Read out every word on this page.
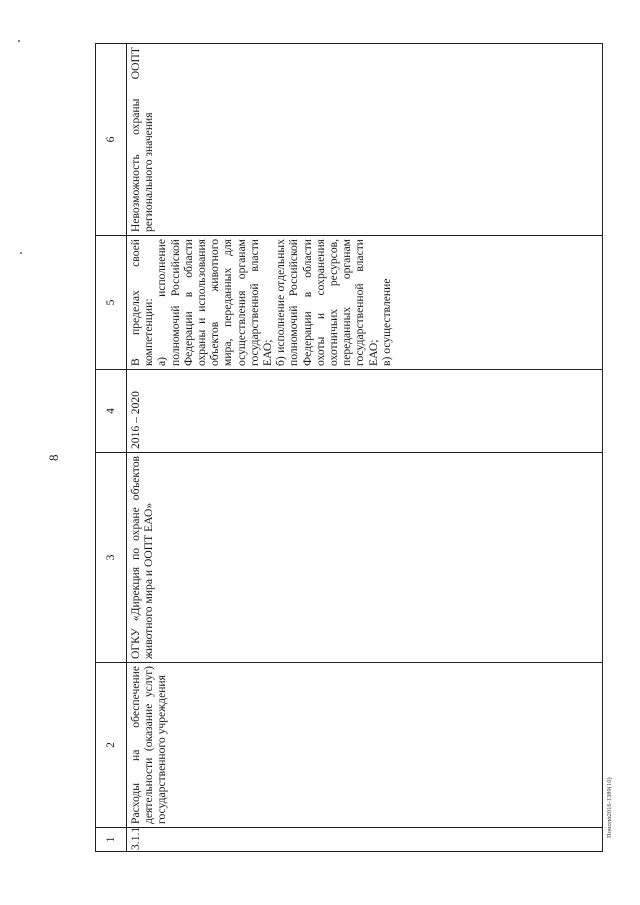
8
Ποιισπά2016-1389(10)
1	2	3	4	5	6
3.1.1	Расходы на обеспечение деятельности (оказание услуг) государственного учреждения	ОГКУ «Дирекция по охране объектов животного мира и ООПТ ЕАО»	2016 – 2020	В пределах своей компетенции: а) исполнение полномочий Российской Федерации в области охраны и использования объектов животного мира, переданных для осуществления органам государственной власти ЕАО; б) исполнение отдельных полномочий Российской Федерации в области охоты и сохранения охотничьих ресурсов, переданных органам государственной власти ЕАО; в) осуществление	Невозможность охраны ООПТ регионального значения
